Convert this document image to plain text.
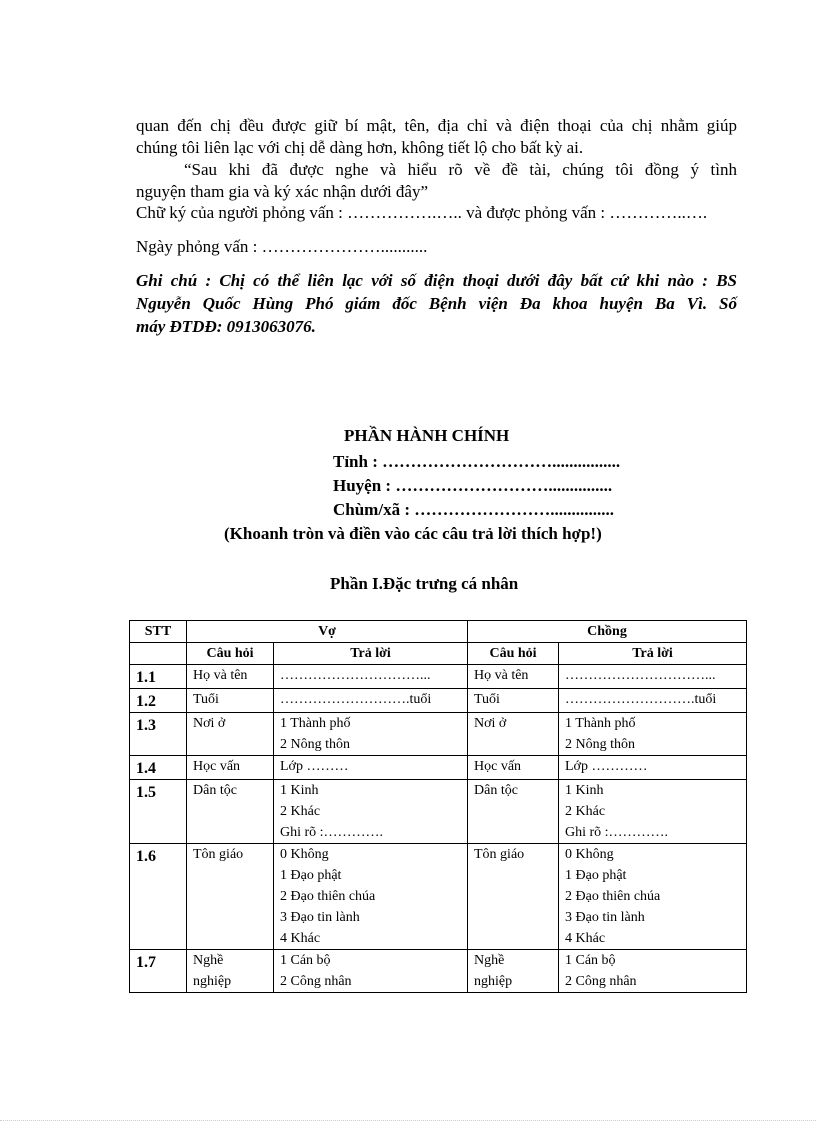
quan đến chị đều được giữ bí mật, tên, địa chỉ và điện thoại của chị nhằm giúp
chúng tôi liên lạc với chị dễ dàng hơn, không tiết lộ cho bất kỳ ai.
“Sau khi đã được nghe và hiểu rõ về đề tài, chúng tôi đồng ý tình
nguyện tham gia và ký xác nhận dưới đây”
Chữ ký của người phỏng vấn : …………….….. và được phỏng vấn : …………..….
Ngày phỏng vấn : …………………...........
Ghi chú : Chị có thể liên lạc với số điện thoại dưới đây bất cứ khi nào : BS
Nguyễn Quốc Hùng Phó giám đốc Bệnh viện Đa khoa huyện Ba Vì. Số
máy ĐTDĐ: 0913063076.
PHẦN HÀNH CHÍNH
Tỉnh : …………………………................
Huyện : ………………………...............
Chùm/xã : ……………………...............
(Khoanh tròn và điền vào các câu trả lời thích hợp!)
Phần I.Đặc trưng cá nhân
STT	Vợ		Chồng	
	Câu hỏi	Trả lời	Câu hỏi	Trả lời
1.1	Họ và tên	…………………………...	Họ và tên	…………………………...

1.2	Tuổi	……………………….tuổi	Tuổi	……………………….tuổi

1.3	Nơi ở	1 Thành phố
2 Nông thôn	Nơi ở	1 Thành phố
2 Nông thôn

1.4	Học vấn	Lớp ………	Học vấn	Lớp …………

1.5	Dân tộc	1 Kinh
2 Khác
Ghi rõ :………….	Dân tộc	1 Kinh
2 Khác
Ghi rõ :………….

1.6	Tôn giáo	0 Không
1 Đạo phật
2 Đạo thiên chúa
3 Đạo tin lành
4 Khác	Tôn giáo	0 Không
1 Đạo phật
2 Đạo thiên chúa
3 Đạo tin lành
4 Khác

1.7	Nghề
nghiệp	1 Cán bộ
2 Công nhân	Nghề
nghiệp	1 Cán bộ
2 Công nhân
